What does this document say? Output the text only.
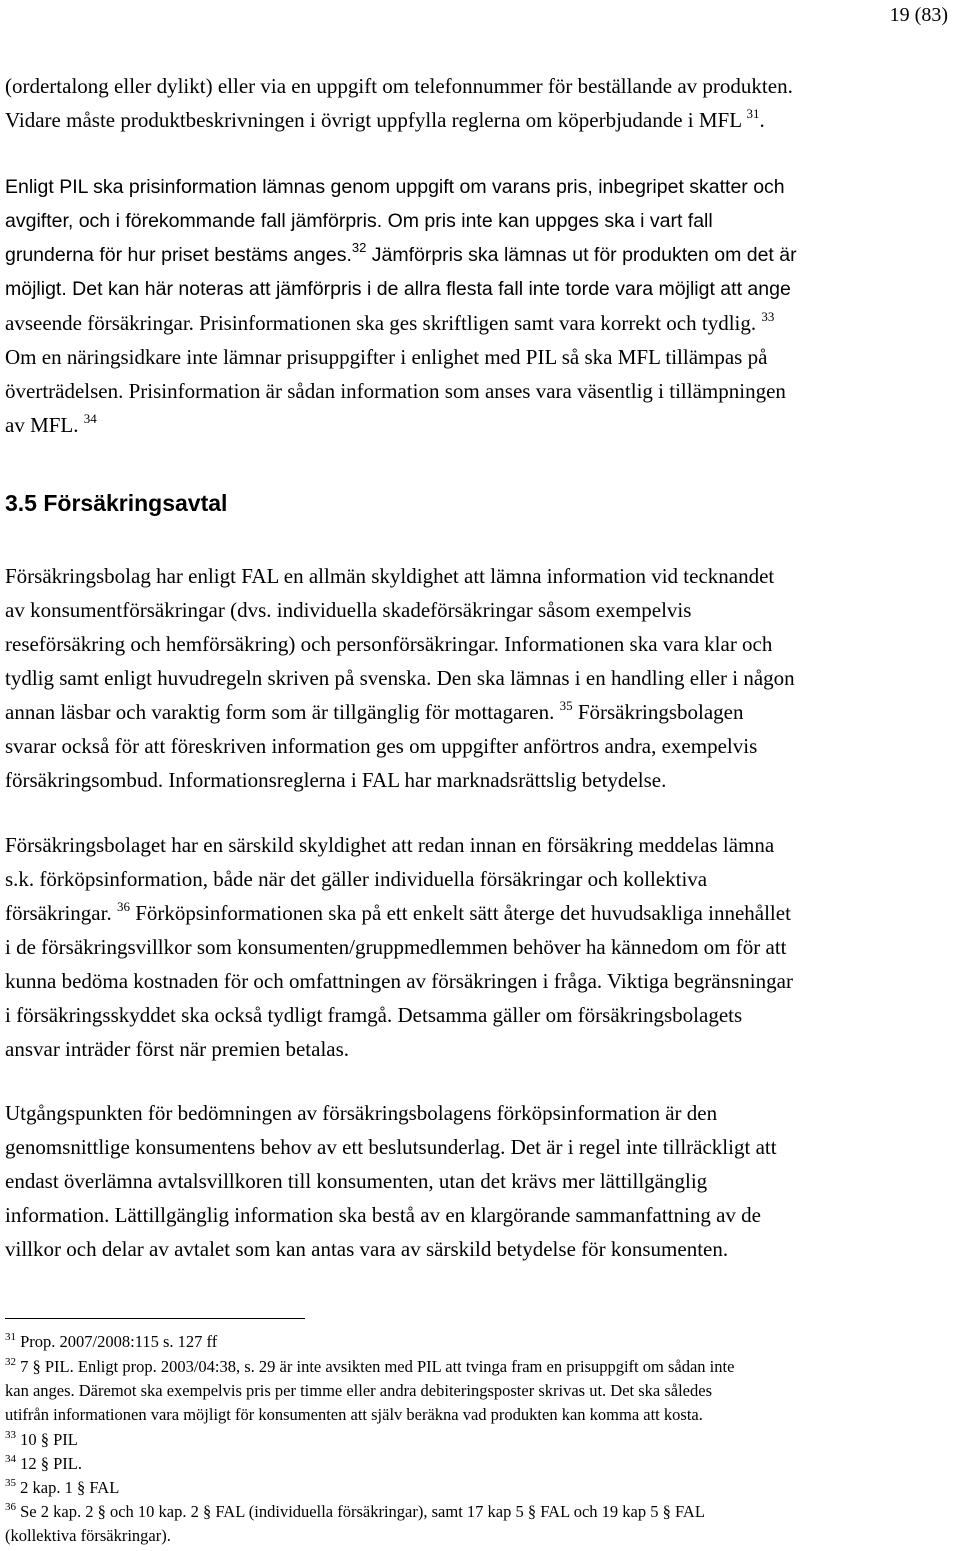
19 (83)
(ordertalong eller dylikt) eller via en uppgift om telefonnummer för beställande av produkten.
Vidare måste produktbeskrivningen i övrigt uppfylla reglerna om köperbjudande i MFL $^{31}$.
Enligt PIL ska prisinformation lämnas genom uppgift om varans pris, inbegripet skatter och
avgifter, och i förekommande fall jämförpris. Om pris inte kan uppges ska i vart fall
grunderna för hur priset bestäms anges.$^{32}$ Jämförpris ska lämnas ut för produkten om det är
möjligt. Det kan här noteras att jämförpris i de allra flesta fall inte torde vara möjligt att ange
avseende försäkringar. Prisinformationen ska ges skriftligen samt vara korrekt och tydlig. $^{33}$
Om en näringsidkare inte lämnar prisuppgifter i enlighet med PIL så ska MFL tillämpas på
överträdelsen. Prisinformation är sådan information som anses vara väsentlig i tillämpningen
av MFL. $^{34}$
3.5 Försäkringsavtal
Försäkringsbolag har enligt FAL en allmän skyldighet att lämna information vid tecknandet
av konsumentförsäkringar (dvs. individuella skadeförsäkringar såsom exempelvis
reseförsäkring och hemförsäkring) och personförsäkringar. Informationen ska vara klar och
tydlig samt enligt huvudregeln skriven på svenska. Den ska lämnas i en handling eller i någon
annan läsbar och varaktig form som är tillgänglig för mottagaren. $^{35}$ Försäkringsbolagen
svarar också för att föreskriven information ges om uppgifter anförtros andra, exempelvis
försäkringsombud. Informationsreglerna i FAL har marknadsrättslig betydelse.
Försäkringsbolaget har en särskild skyldighet att redan innan en försäkring meddelas lämna
s.k. förköpsinformation, både när det gäller individuella försäkringar och kollektiva
försäkringar. $^{36}$ Förköpsinformationen ska på ett enkelt sätt återge det huvudsakliga innehållet
i de försäkringsvillkor som konsumenten/gruppmedlemmen behöver ha kännedom om för att
kunna bedöma kostnaden för och omfattningen av försäkringen i fråga. Viktiga begränsningar
i försäkringsskyddet ska också tydligt framgå. Detsamma gäller om försäkringsbolagets
ansvar inträder först när premien betalas.
Utgångspunkten för bedömningen av försäkringsbolagens förköpsinformation är den
genomsnittlige konsumentens behov av ett beslutsunderlag. Det är i regel inte tillräckligt att
endast överlämna avtalsvillkoren till konsumenten, utan det krävs mer lättillgänglig
information. Lättillgänglig information ska bestå av en klargörande sammanfattning av de
villkor och delar av avtalet som kan antas vara av särskild betydelse för konsumenten.
$^{31}$ Prop. 2007/2008:115 s. 127 ff
$^{32}$ 7 § PIL. Enligt prop. 2003/04:38, s. 29 är inte avsikten med PIL att tvinga fram en prisuppgift om sådan inte
kan anges. Däremot ska exempelvis pris per timme eller andra debiteringsposter skrivas ut. Det ska således
utifrån informationen vara möjligt för konsumenten att själv beräkna vad produkten kan komma att kosta.
$^{33}$ 10 § PIL
$^{34}$ 12 § PIL.
$^{35}$ 2 kap. 1 § FAL
$^{36}$ Se 2 kap. 2 § och 10 kap. 2 § FAL (individuella försäkringar), samt 17 kap 5 § FAL och 19 kap 5 § FAL
(kollektiva försäkringar).
